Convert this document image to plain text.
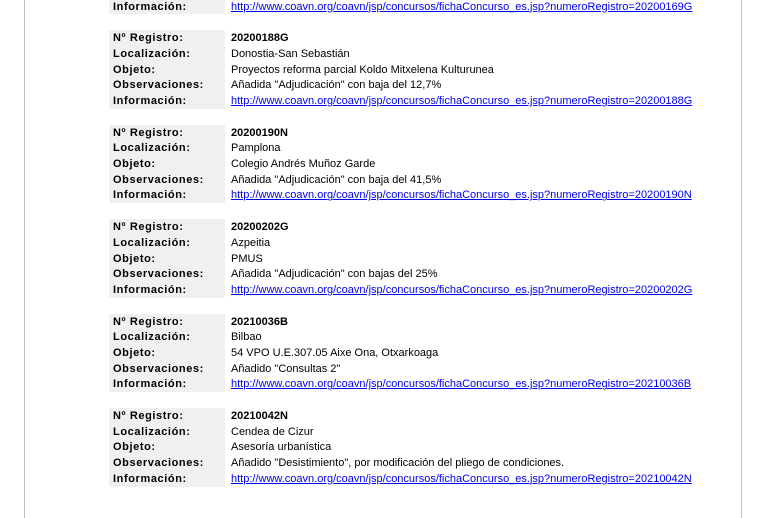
Información:	http://www.coavn.org/coavn/jsp/concursos/fichaConcurso_es.jsp?numeroRegistro=20200169G
Nº Registro:	20200188G
Localización:	Donostia-San Sebastián
Objeto:	Proyectos reforma parcial Koldo Mitxelena Kulturunea
Observaciones:	Añadida "Adjudicación" con baja del 12,7%
Información:	http://www.coavn.org/coavn/jsp/concursos/fichaConcurso_es.jsp?numeroRegistro=20200188G
Nº Registro:	20200190N
Localización:	Pamplona
Objeto:	Colegio Andrés Muñoz Garde
Observaciones:	Añadida "Adjudicación" con baja del 41,5%
Información:	http://www.coavn.org/coavn/jsp/concursos/fichaConcurso_es.jsp?numeroRegistro=20200190N
Nº Registro:	20200202G
Localización:	Azpeitia
Objeto:	PMUS
Observaciones:	Añadida "Adjudicación" con bajas del 25%
Información:	http://www.coavn.org/coavn/jsp/concursos/fichaConcurso_es.jsp?numeroRegistro=20200202G
Nº Registro:	20210036B
Localización:	Bilbao
Objeto:	54 VPO U.E.307.05 Aixe Ona, Otxarkoaga
Observaciones:	Añadido "Consultas 2"
Información:	http://www.coavn.org/coavn/jsp/concursos/fichaConcurso_es.jsp?numeroRegistro=20210036B
Nº Registro:	20210042N
Localización:	Cendea de Cizur
Objeto:	Asesoría urbanística
Observaciones:	Añadido "Desistimiento", por modificación del pliego de condiciones.
Información:	http://www.coavn.org/coavn/jsp/concursos/fichaConcurso_es.jsp?numeroRegistro=20210042N
